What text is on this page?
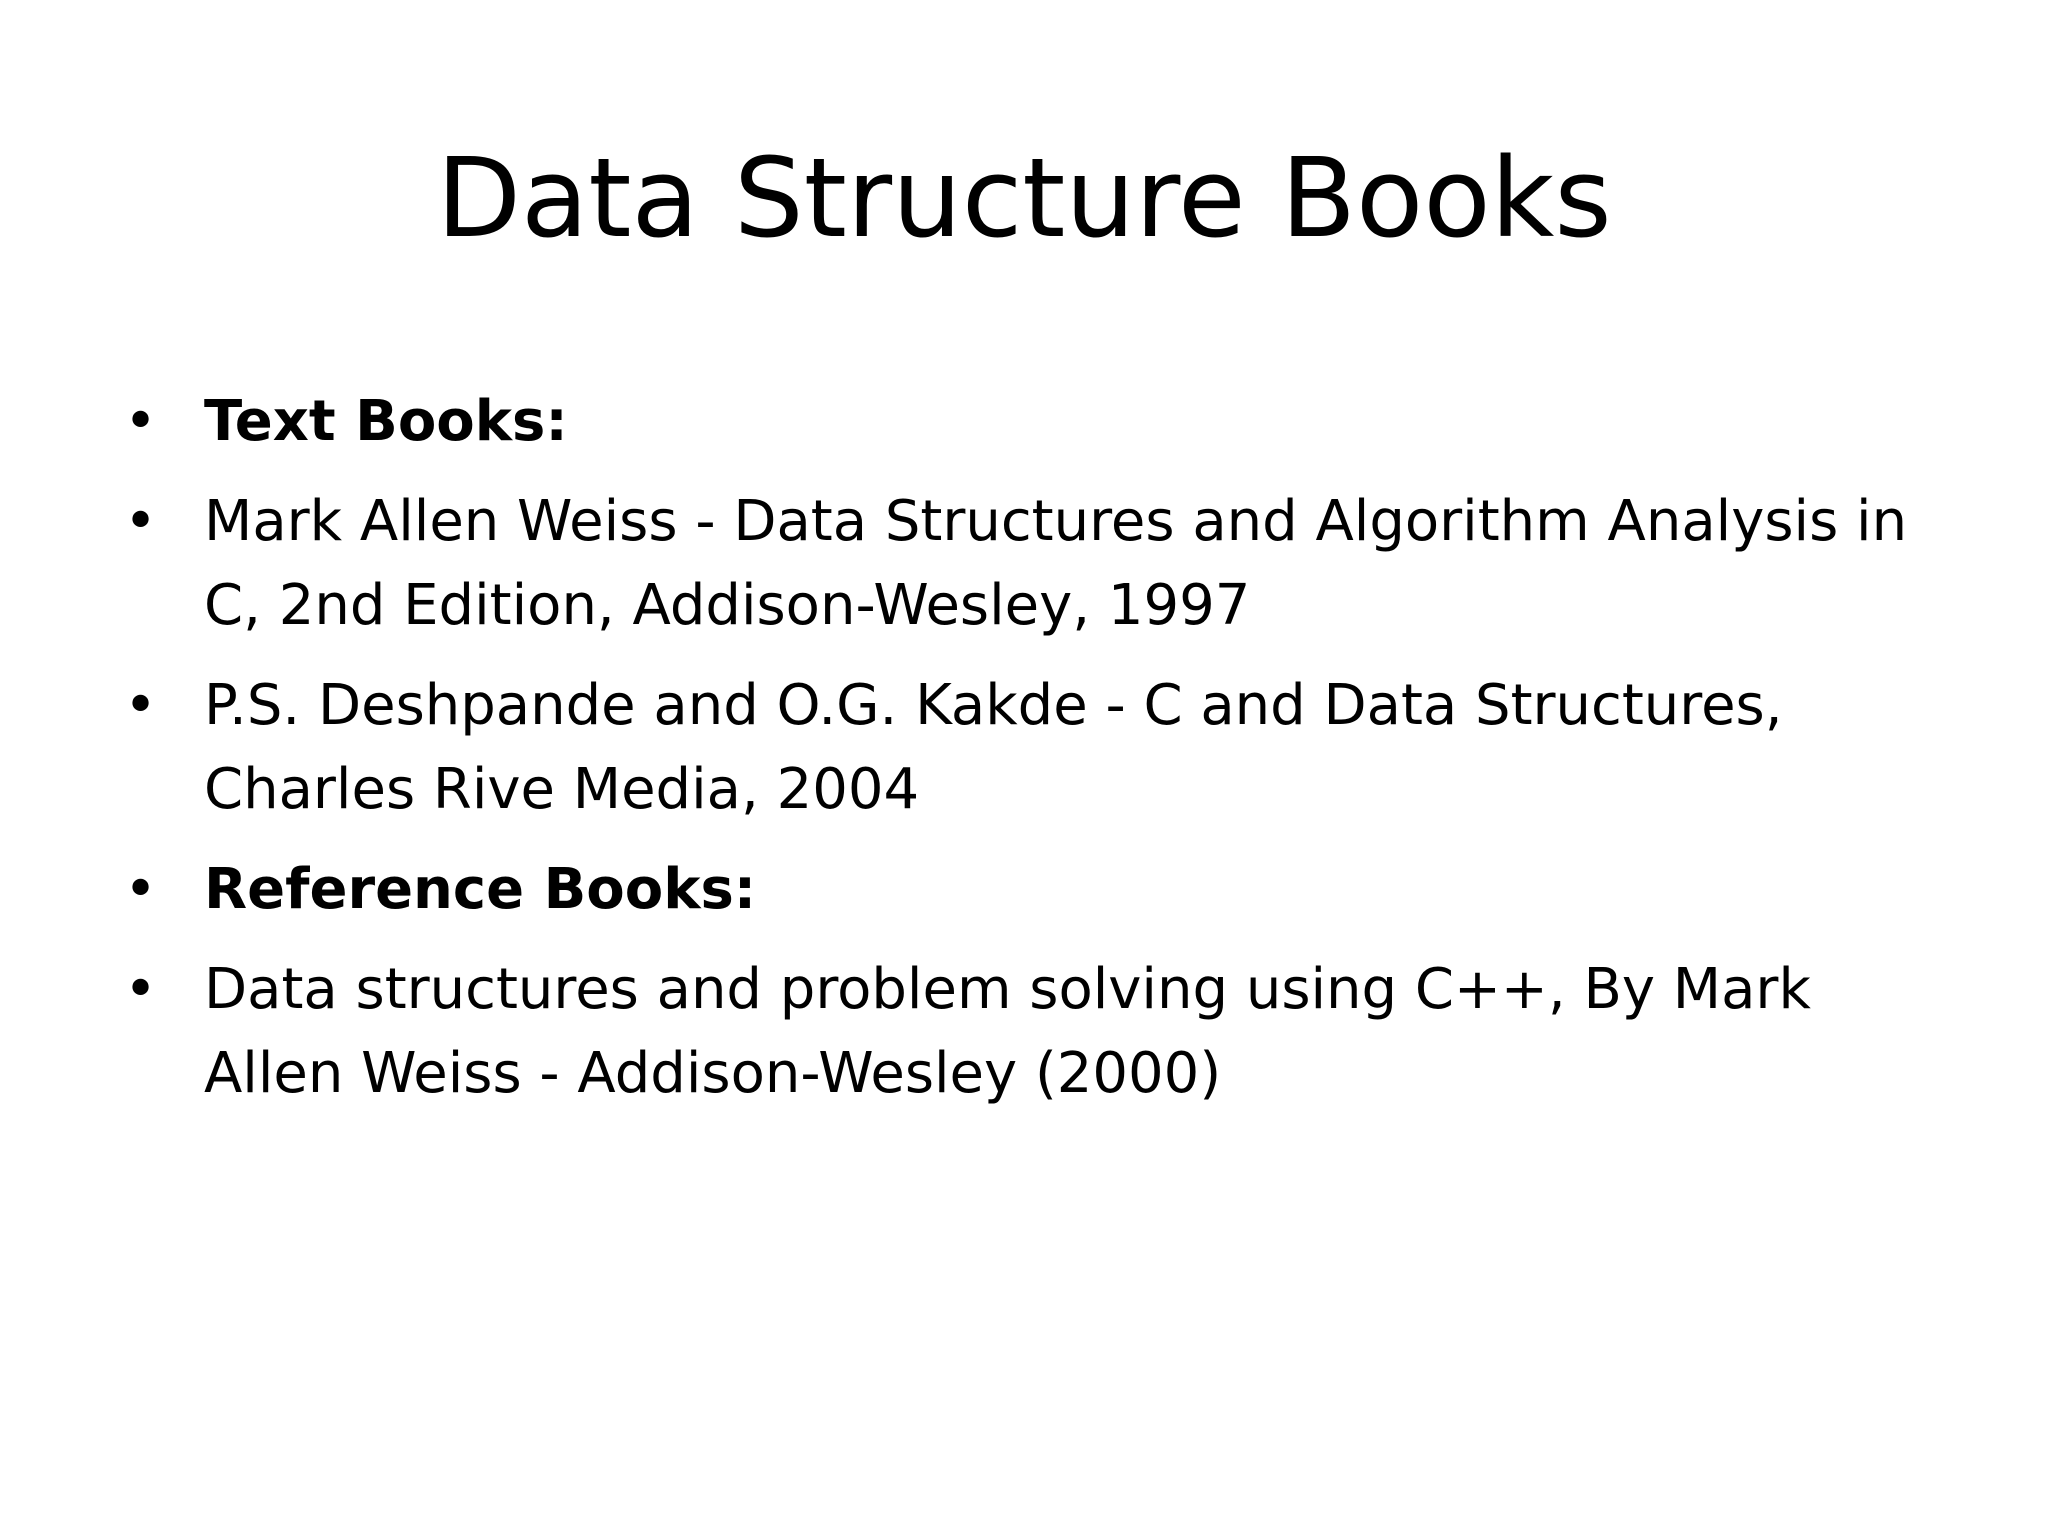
Data Structure Books
• Text Books:
• Mark Allen Weiss - Data Structures and Algorithm Analysis in C, 2nd Edition, Addison-Wesley, 1997
• P.S. Deshpande and O.G. Kakde - C and Data Structures, Charles Rive Media, 2004
• Reference Books:
• Data structures and problem solving using C++, By Mark Allen Weiss - Addison-Wesley (2000)
